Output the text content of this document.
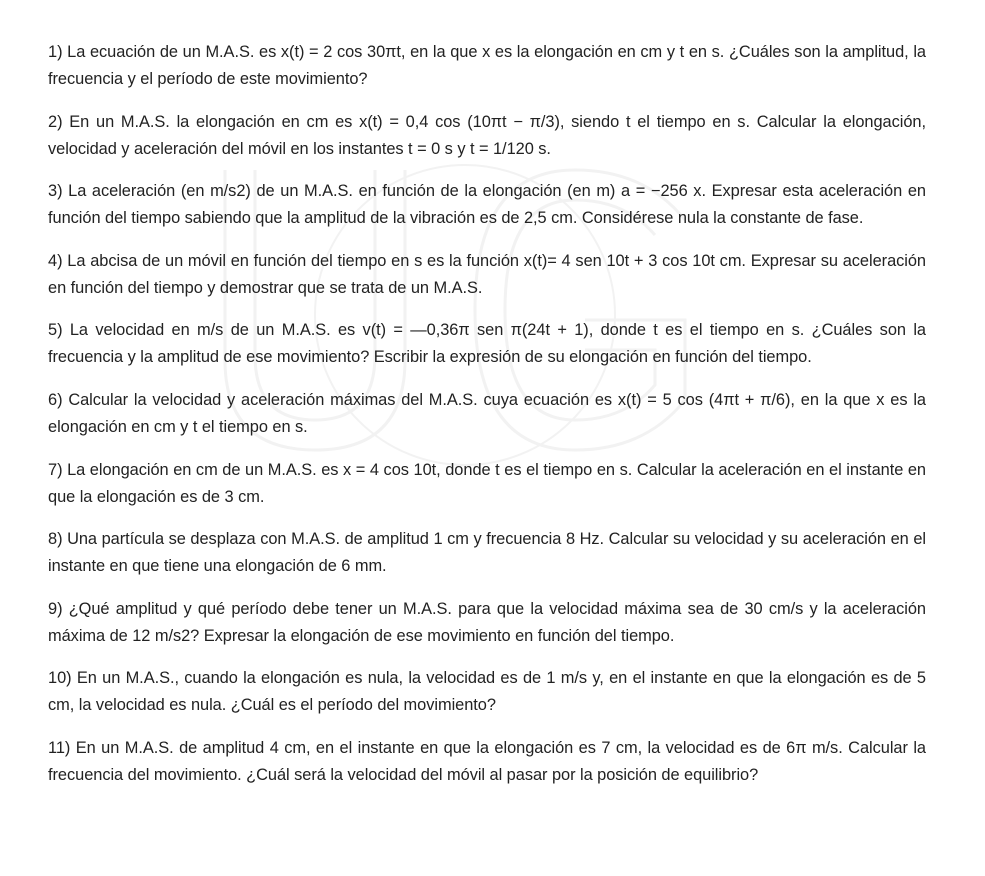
1) La ecuación de un M.A.S. es x(t) = 2 cos 30πt, en la que x es la elongación en cm y t en s. ¿Cuáles son la amplitud, la frecuencia y el período de este movimiento?
2) En un M.A.S. la elongación en cm es x(t) = 0,4 cos (10πt − π/3), siendo t el tiempo en s. Calcular la elongación, velocidad y aceleración del móvil en los instantes t = 0 s y t = 1/120 s.
3) La aceleración (en m/s2) de un M.A.S. en función de la elongación (en m) a = −256 x. Expresar esta aceleración en función del tiempo sabiendo que la amplitud de la vibración es de 2,5 cm. Considérese nula la constante de fase.
4) La abcisa de un móvil en función del tiempo en s es la función x(t)= 4 sen 10t + 3 cos 10t cm. Expresar su aceleración en función del tiempo y demostrar que se trata de un M.A.S.
5) La velocidad en m/s de un M.A.S. es v(t) = —0,36π sen π(24t + 1), donde t es el tiempo en s. ¿Cuáles son la frecuencia y la amplitud de ese movimiento? Escribir la expresión de su elongación en función del tiempo.
6) Calcular la velocidad y aceleración máximas del M.A.S. cuya ecuación es x(t) = 5 cos (4πt + π/6), en la que x es la elongación en cm y t el tiempo en s.
7) La elongación en cm de un M.A.S. es x = 4 cos 10t, donde t es el tiempo en s. Calcular la aceleración en el instante en que la elongación es de 3 cm.
8) Una partícula se desplaza con M.A.S. de amplitud 1 cm y frecuencia 8 Hz. Calcular su velocidad y su aceleración en el instante en que tiene una elongación de 6 mm.
9) ¿Qué amplitud y qué período debe tener un M.A.S. para que la velocidad máxima sea de 30 cm/s y la aceleración máxima de 12 m/s2? Expresar la elongación de ese movimiento en función del tiempo.
10) En un M.A.S., cuando la elongación es nula, la velocidad es de 1 m/s y, en el instante en que la elongación es de 5 cm, la velocidad es nula. ¿Cuál es el período del movimiento?
11) En un M.A.S. de amplitud 4 cm, en el instante en que la elongación es 7 cm, la velocidad es de 6π m/s. Calcular la frecuencia del movimiento. ¿Cuál será la velocidad del móvil al pasar por la posición de equilibrio?
